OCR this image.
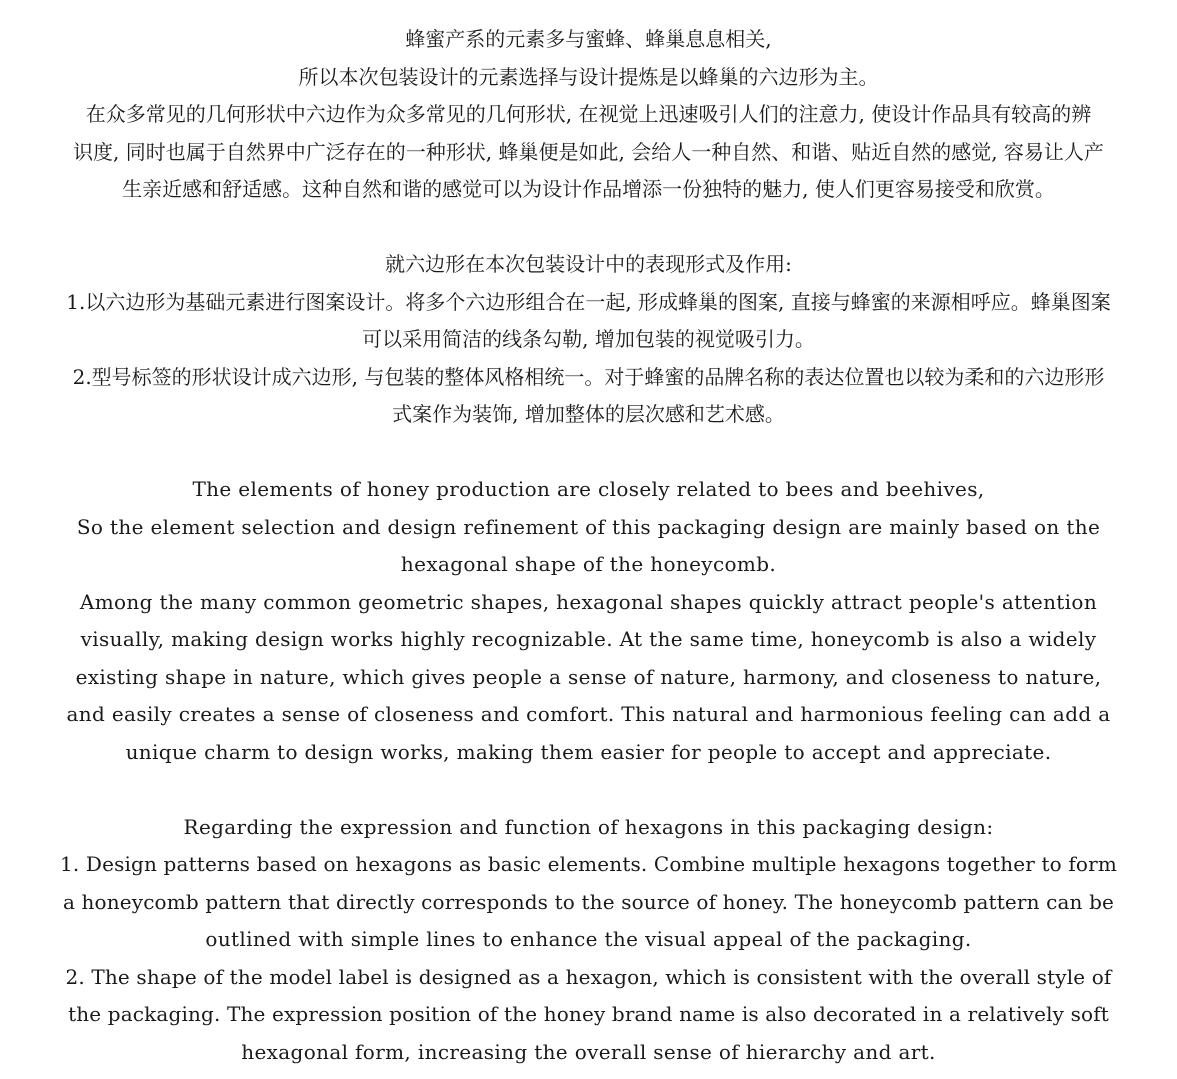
蜂蜜产系的元素多与蜜蜂、蜂巢息息相关,
所以本次包装设计的元素选择与设计提炼是以蜂巢的六边形为主。
在众多常见的几何形状中六边作为众多常见的几何形状, 在视觉上迅速吸引人们的注意力, 使设计作品具有较高的辨
识度, 同时也属于自然界中广泛存在的一种形状, 蜂巢便是如此, 会给人一种自然、和谐、贴近自然的感觉, 容易让人产
生亲近感和舒适感。这种自然和谐的感觉可以为设计作品增添一份独特的魅力, 使人们更容易接受和欣赏。
就六边形在本次包装设计中的表现形式及作用:
1.以六边形为基础元素进行图案设计。将多个六边形组合在一起, 形成蜂巢的图案, 直接与蜂蜜的来源相呼应。蜂巢图案
可以采用简洁的线条勾勒, 增加包装的视觉吸引力。
2.型号标签的形状设计成六边形, 与包装的整体风格相统一。对于蜂蜜的品牌名称的表达位置也以较为柔和的六边形形
式案作为装饰, 增加整体的层次感和艺术感。
The elements of honey production are closely related to bees and beehives,
So the element selection and design refinement of this packaging design are mainly based on the
hexagonal shape of the honeycomb.
Among the many common geometric shapes, hexagonal shapes quickly attract people's attention
visually, making design works highly recognizable. At the same time, honeycomb is also a widely
existing shape in nature, which gives people a sense of nature, harmony, and closeness to nature,
and easily creates a sense of closeness and comfort. This natural and harmonious feeling can add a
unique charm to design works, making them easier for people to accept and appreciate.
Regarding the expression and function of hexagons in this packaging design:
1. Design patterns based on hexagons as basic elements. Combine multiple hexagons together to form
a honeycomb pattern that directly corresponds to the source of honey. The honeycomb pattern can be
outlined with simple lines to enhance the visual appeal of the packaging.
2. The shape of the model label is designed as a hexagon, which is consistent with the overall style of
the packaging. The expression position of the honey brand name is also decorated in a relatively soft
hexagonal form, increasing the overall sense of hierarchy and art.
